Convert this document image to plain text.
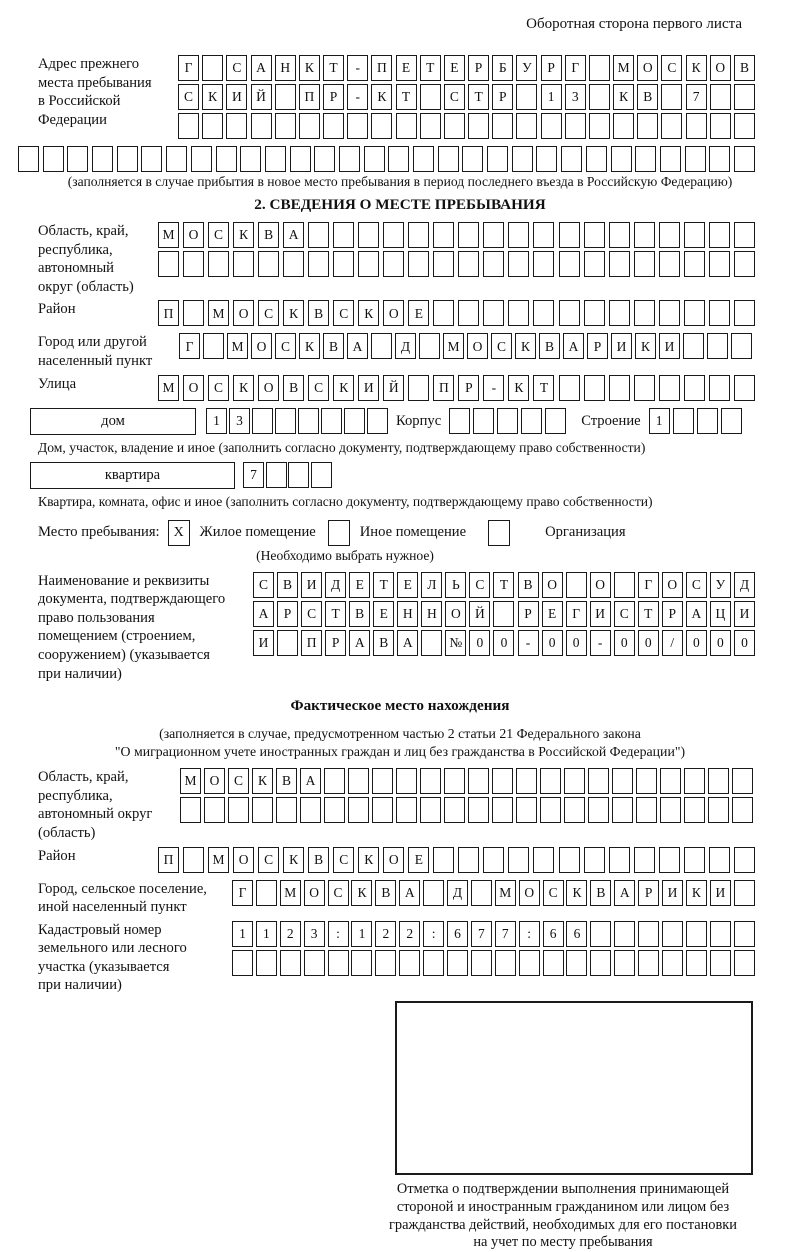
Оборотная сторона первого листа
Адрес прежнего
места пребывания
в Российской
Федерации
Г	С	А	Н	К	Т	-	П	Е	Т	Е	Р	Б	У	Р	Г	М О	С	К	О	В
С	К	И	Й	П	Р	-	К	Т	С	Т	Р	1	3	К	В	7
(заполняется в случае прибытия в новое место пребывания в период последнего въезда в Российскую Федерацию)
2. СВЕДЕНИЯ О МЕСТЕ ПРЕБЫВАНИЯ
Область, край,
республика,
автономный
округ (область)
М	О	С	К	В	А
Район	П	М	О	С	К	В	С	К	О	Е
Город или другой
населенный пункт
Г	М О	С	К	В	А	Д	М О	С	К	В	А	Р	И	К	И
Улица	М	О	С	К	О	В	С	К	И	Й	П	Р	-	К	Т
дом	1	3	Корпус	Строение	1
Дом, участок, владение и иное (заполнить согласно документу, подтверждающему право собственности)
квартира	7
Квартира, комната, офис и иное (заполнить согласно документу, подтверждающему право собственности)
Место пребывания: X	Жилое помещение	Иное помещение	Организация
(Необходимо выбрать нужное)
Наименование и реквизиты
документа, подтверждающего
право пользования
помещением (строением,
сооружением) (указывается
при наличии)
С	В	И	Д	Е	Т	Е	Л	Ь	С	Т	В	О	О	Г	О	С	У	Д
А	Р	С	Т	В	Е	Н	Н	О	Й	Р	Е	Г	И	С	Т	Р	А	Ц	И
И	П	Р	А	В	А	№	0	0	-	0	0	-	0	0	/	0	0	0
Фактическое место нахождения
(заполняется в случае, предусмотренном частью 2 статьи 21 Федерального закона
"О миграционном учете иностранных граждан и лиц без гражданства в Российской Федерации")
Область, край,
республика,
автономный округ
(область)
М О	С	К	В	А
Район	П	М	О	С	К	В	С	К	О	Е
Город, сельское поселение,
иной населенный пункт
Г	М О	С	К	В	А	Д	М О	С	К	В	А	Р	И	К	И
Кадастровый номер
земельного или лесного
участка (указывается
при наличии)
1	1	2	3	:	1	2	2	:	6	7	7	:	6	6
Отметка о подтверждении выполнения принимающей
стороной и иностранным гражданином или лицом без
гражданства действий, необходимых для его постановки
на учет по месту пребывания
